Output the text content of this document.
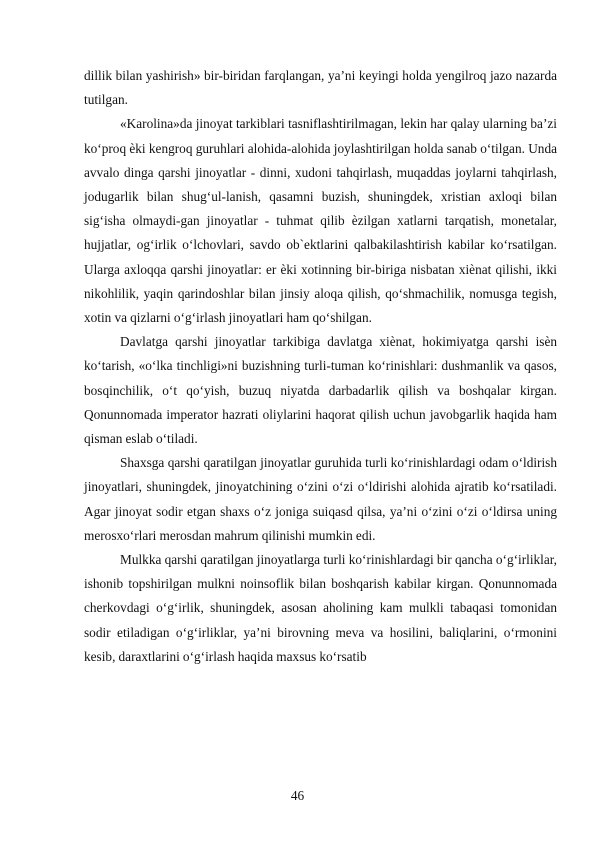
dillik bilan yashirish» bir-biridan farqlangan, ya’ni keyingi holda yengilroq jazo nazarda tutilgan.

«Karolina»da jinoyat tarkiblari tasniflashtirilmagan, lekin har qalay ularning ba’zi ko‘proq ѐki kengroq guruhlari alohida-alohida joylashtirilgan holda sanab o‘tilgan. Unda avvalo dinga qarshi jinoyatlar - dinni, xudoni tahqirlash, muqaddas joylarni tahqirlash, jodugarlik bilan shug‘ul-lanish, qasamni buzish, shuningdek, xristian axloqi bilan sig‘isha olmaydi-gan jinoyatlar - tuhmat qilib ѐzilgan xatlarni tarqatish, monetalar, hujjatlar, og‘irlik o‘lchovlari, savdo ob`ektlarini qalbakilashtirish kabilar ko‘rsatilgan. Ularga axloqqa qarshi jinoyatlar: er ѐki xotinning bir-biriga nisbatan xiѐnat qilishi, ikki nikohlilik, yaqin qarindoshlar bilan jinsiy aloqa qilish, qo‘shmachilik, nomusga tegish, xotin va qizlarni o‘g‘irlash jinoyatlari ham qo‘shilgan.

Davlatga qarshi jinoyatlar tarkibiga davlatga xiѐnat, hokimiyatga qarshi isѐn ko‘tarish, «o‘lka tinchligi»ni buzishning turli-tuman ko‘rinishlari: dushmanlik va qasos, bosqinchilik, o‘t qo‘yish, buzuq niyatda darbadarlik qilish va boshqalar kirgan. Qonunnomada imperator hazrati oliylarini haqorat qilish uchun javobgarlik haqida ham qisman eslab o‘tiladi.

Shaxsga qarshi qaratilgan jinoyatlar guruhida turli ko‘rinishlardagi odam o‘ldirish jinoyatlari, shuningdek, jinoyatchining o‘zini o‘zi o‘ldirishi alohida ajratib ko‘rsatiladi. Agar jinoyat sodir etgan shaxs o‘z joniga suiqasd qilsa, ya’ni o‘zini o‘zi o‘ldirsa uning merosxo‘rlari merosdan mahrum qilinishi mumkin edi.

Mulkka qarshi qaratilgan jinoyatlarga turli ko‘rinishlardagi bir qancha o‘g‘irliklar, ishonib topshirilgan mulkni noinsoflik bilan boshqarish kabilar kirgan. Qonunnomada cherkovdagi o‘g‘irlik, shuningdek, asosan aholining kam mulkli tabaqasi tomonidan sodir etiladigan o‘g‘irliklar, ya’ni birovning meva va hosilini, baliqlarini, o‘rmonini kesib, daraxtlarini o‘g‘irlash haqida maxsus ko‘rsatib

46
